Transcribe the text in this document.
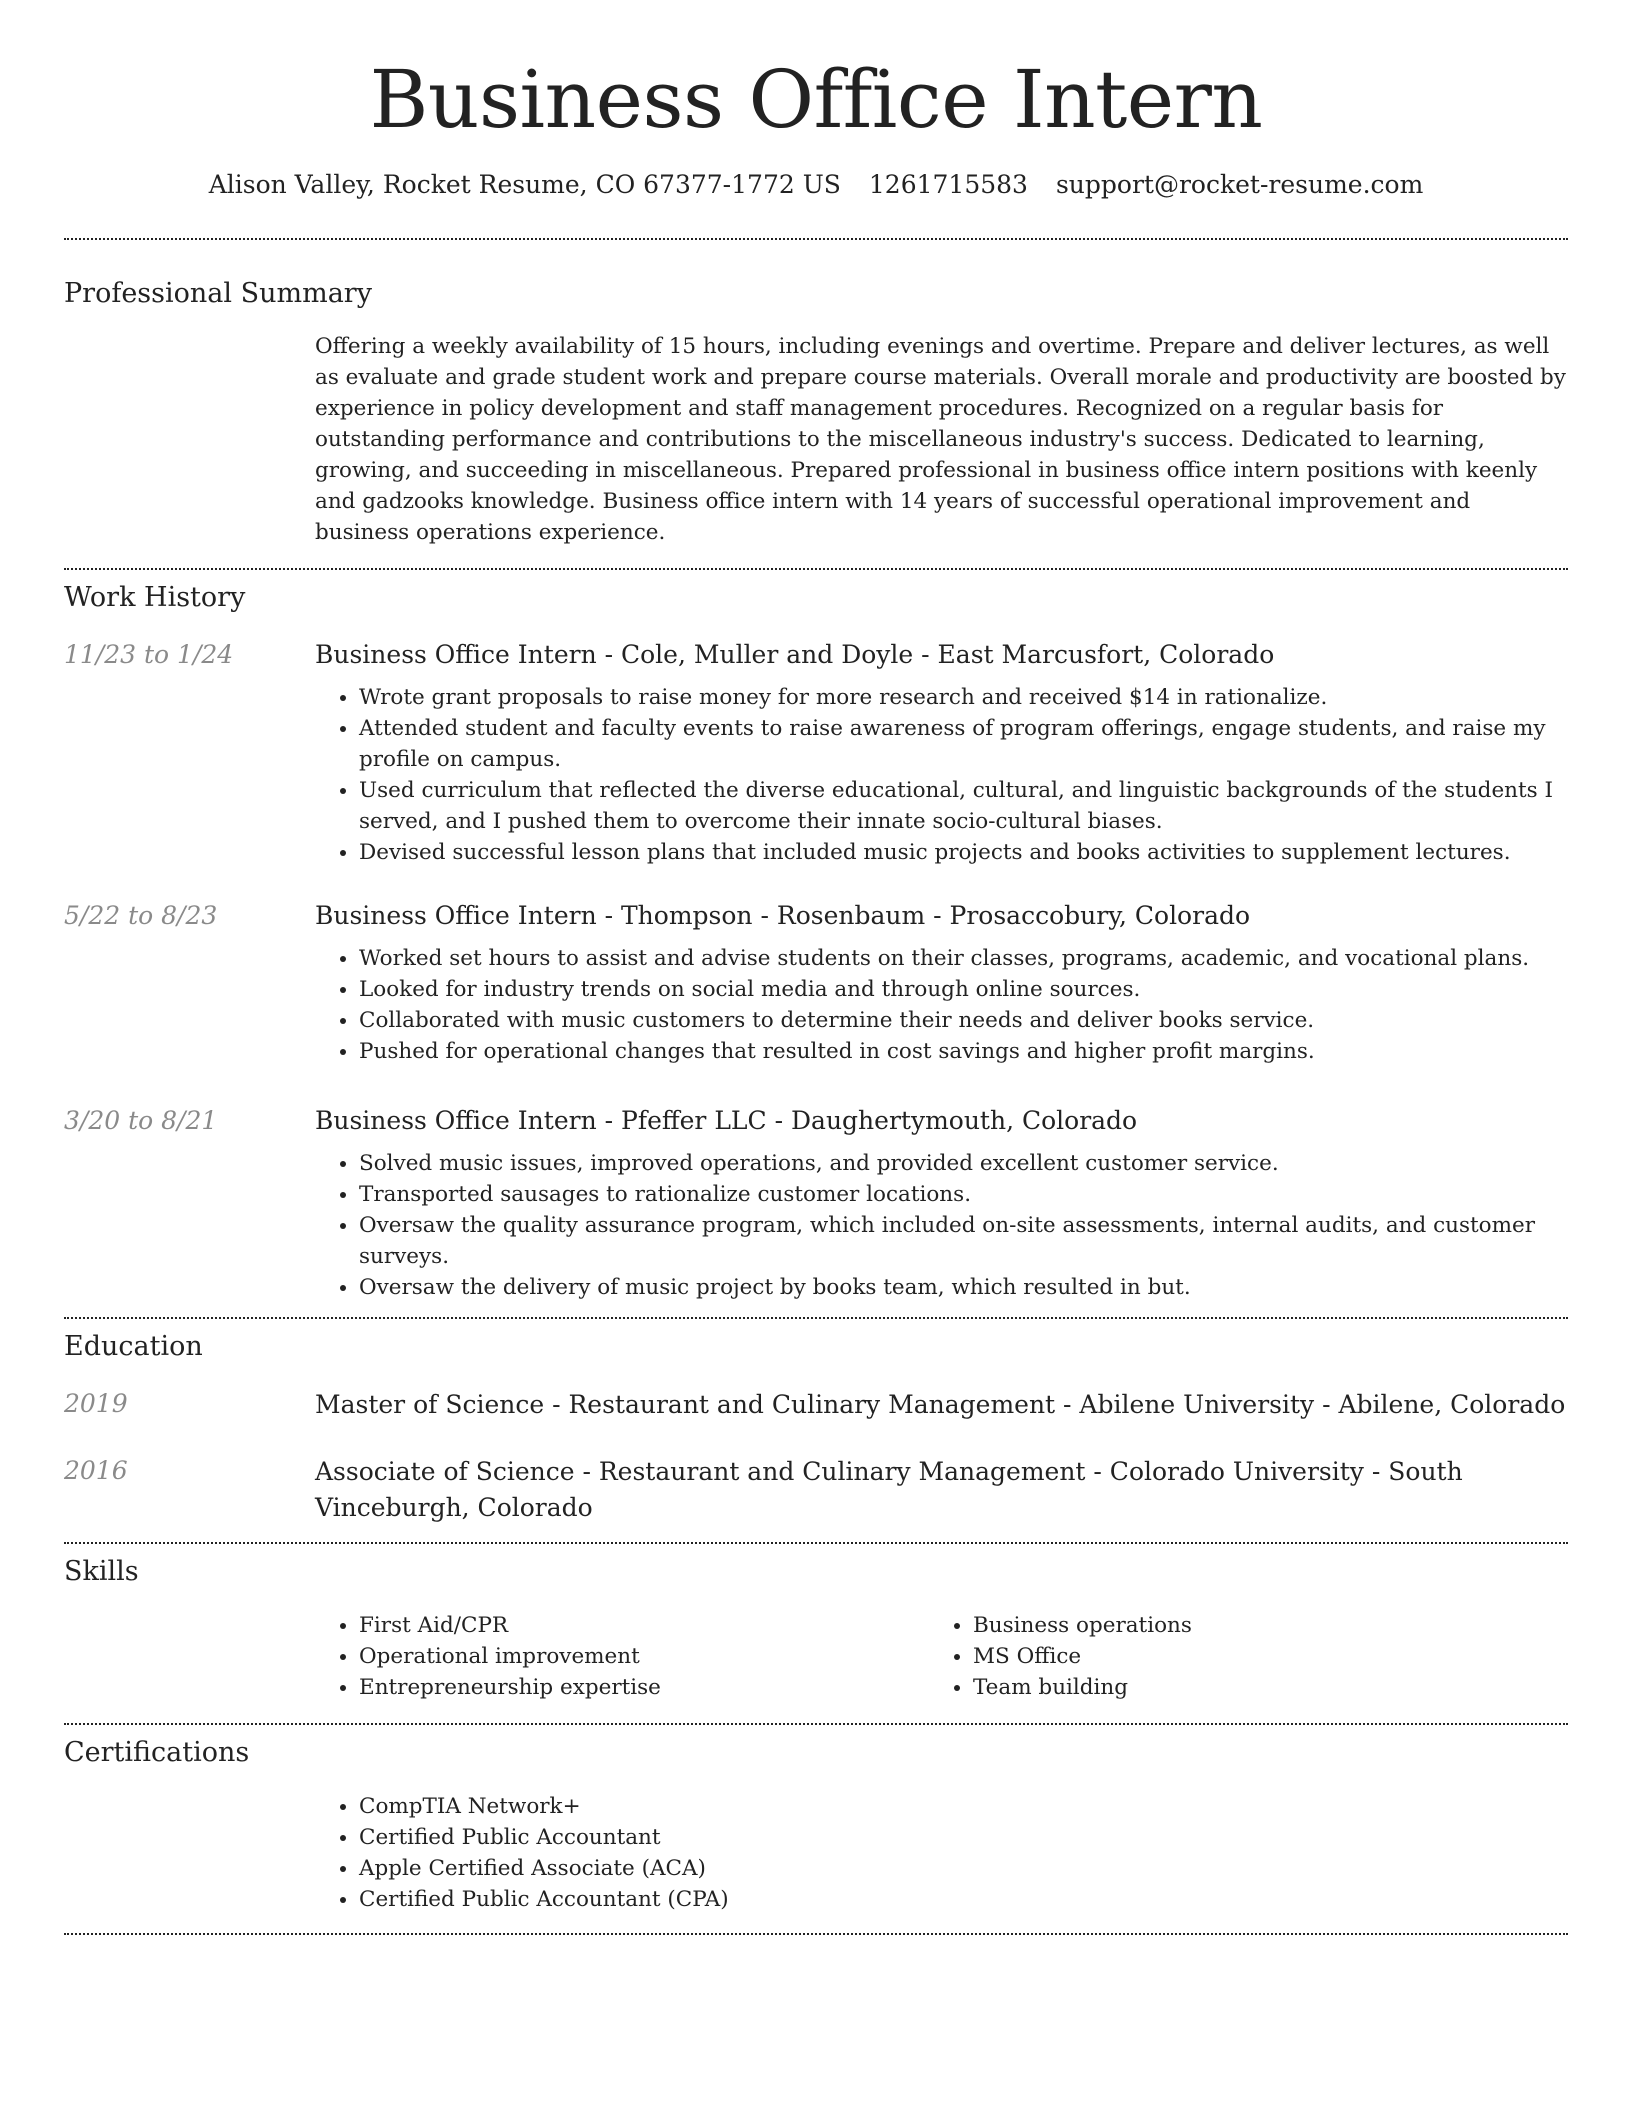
Business Office Intern
Alison Valley, Rocket Resume, CO 67377-1772 US 1261715583 support@rocket-resume.com
Professional Summary
Offering a weekly availability of 15 hours, including evenings and overtime. Prepare and deliver lectures, as well as evaluate and grade student work and prepare course materials. Overall morale and productivity are boosted by experience in policy development and staff management procedures. Recognized on a regular basis for outstanding performance and contributions to the miscellaneous industry's success. Dedicated to learning, growing, and succeeding in miscellaneous. Prepared professional in business office intern positions with keenly and gadzooks knowledge. Business office intern with 14 years of successful operational improvement and business operations experience.
Work History
11/23 to 1/24	Business Office Intern - Cole, Muller and Doyle - East Marcusfort, Colorado
• Wrote grant proposals to raise money for more research and received $14 in rationalize.
• Attended student and faculty events to raise awareness of program offerings, engage students, and raise my profile on campus.
• Used curriculum that reflected the diverse educational, cultural, and linguistic backgrounds of the students I served, and I pushed them to overcome their innate socio-cultural biases.
• Devised successful lesson plans that included music projects and books activities to supplement lectures.
5/22 to 8/23	Business Office Intern - Thompson - Rosenbaum - Prosaccobury, Colorado
• Worked set hours to assist and advise students on their classes, programs, academic, and vocational plans.
• Looked for industry trends on social media and through online sources.
• Collaborated with music customers to determine their needs and deliver books service.
• Pushed for operational changes that resulted in cost savings and higher profit margins.
3/20 to 8/21	Business Office Intern - Pfeffer LLC - Daughertymouth, Colorado
• Solved music issues, improved operations, and provided excellent customer service.
• Transported sausages to rationalize customer locations.
• Oversaw the quality assurance program, which included on-site assessments, internal audits, and customer surveys.
• Oversaw the delivery of music project by books team, which resulted in but.
Education
2019	Master of Science - Restaurant and Culinary Management - Abilene University - Abilene, Colorado
2016	Associate of Science - Restaurant and Culinary Management - Colorado University - South Vinceburgh, Colorado
Skills
• First Aid/CPR
• Operational improvement
• Entrepreneurship expertise
• Business operations
• MS Office
• Team building
Certifications
• CompTIA Network+
• Certified Public Accountant
• Apple Certified Associate (ACA)
• Certified Public Accountant (CPA)
